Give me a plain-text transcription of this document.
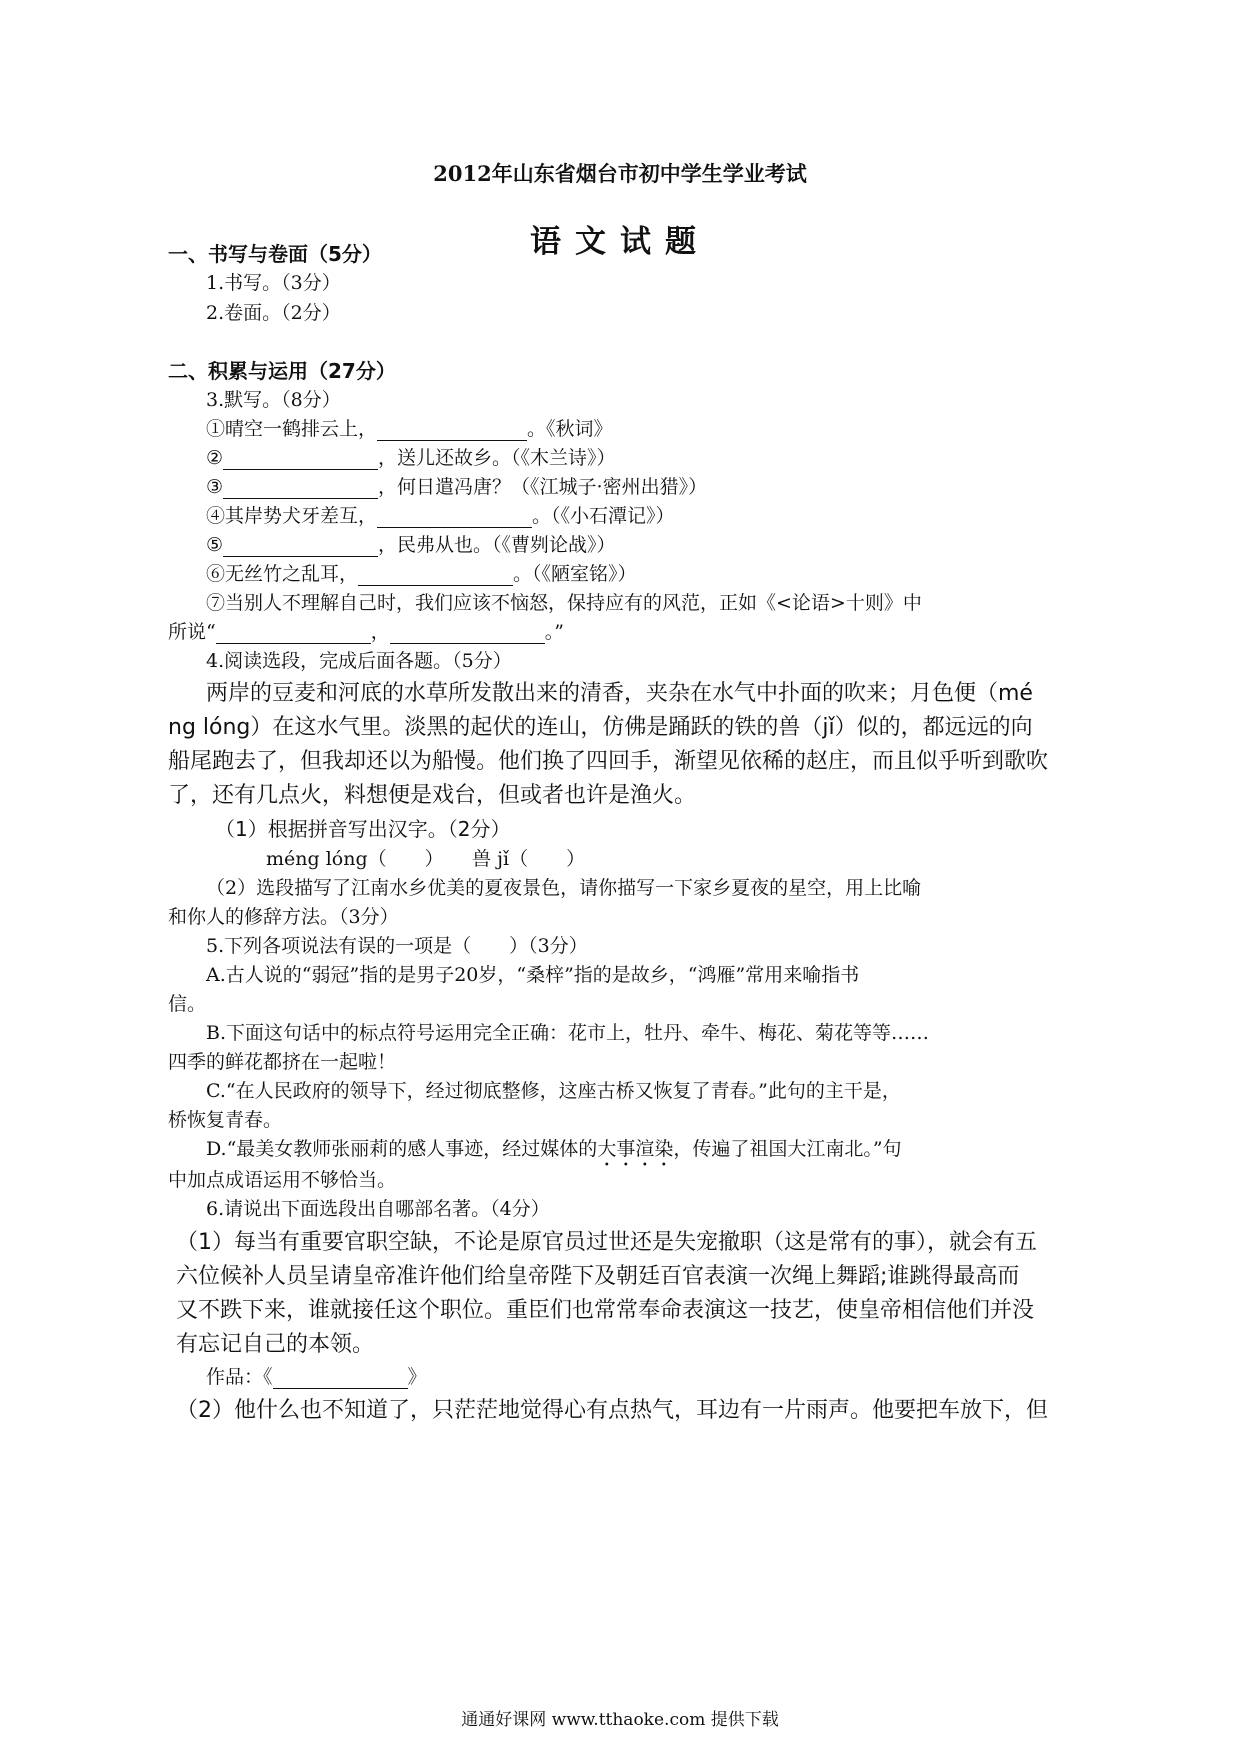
2012年山东省烟台市初中学生学业考试
语文试题
一、书写与卷面（5分）
1.书写。（3分）
2.卷面。（2分）
二、积累与运用（27分）
3.默写。（8分）
①晴空一鹤排云上，	。《秋词》
②	，送儿还故乡。（《木兰诗》）
③	，何日遣冯唐？（《江城子·密州出猎》）
④其岸势犬牙差互，	。（《小石潭记》）
⑤	，民弗从也。（《曹刿论战》）
⑥无丝竹之乱耳，	。（《陋室铭》）
⑦当别人不理解自己时，我们应该不恼怒，保持应有的风范，正如《<论语>十则》中
所说“	，	。”
4.阅读选段，完成后面各题。（5分）
两岸的豆麦和河底的水草所发散出来的清香，夹杂在水气中扑面的吹来；月色便（mé
ng lóng）在这水气里。淡黑的起伏的连山，仿佛是踊跃的铁的兽（jǐ）似的，都远远的向
船尾跑去了，但我却还以为船慢。他们换了四回手，渐望见依稀的赵庄，而且似乎听到歌吹
了，还有几点火，料想便是戏台，但或者也许是渔火。
（1）根据拼音写出汉字。（2分）
méng lóng（　　）　　兽 jǐ（　　）
（2）选段描写了江南水乡优美的夏夜景色，请你描写一下家乡夏夜的星空，用上比喻
和你人的修辞方法。（3分）
5.下列各项说法有误的一项是（　　）（3分）
A.古人说的“弱冠”指的是男子20岁，“桑梓”指的是故乡，“鸿雁”常用来喻指书
信。
B.下面这句话中的标点符号运用完全正确：花市上，牡丹、牵牛、梅花、菊花等等……
四季的鲜花都挤在一起啦！
C.“在人民政府的领导下，经过彻底整修，这座古桥又恢复了青春。”此句的主干是，
桥恢复青春。
D.“最美女教师张丽莉的感人事迹，经过媒体的大事渲染，传遍了祖国大江南北。”句
中加点成语运用不够恰当。
6.请说出下面选段出自哪部名著。（4分）
（1）每当有重要官职空缺，不论是原官员过世还是失宠撤职（这是常有的事），就会有五
六位候补人员呈请皇帝准许他们给皇帝陛下及朝廷百官表演一次绳上舞蹈;谁跳得最高而
又不跌下来，谁就接任这个职位。重臣们也常常奉命表演这一技艺，使皇帝相信他们并没
有忘记自己的本领。
作品：《	》
（2）他什么也不知道了，只茫茫地觉得心有点热气，耳边有一片雨声。他要把车放下，但
通通好课网 www.tthaoke.com 提供下载
